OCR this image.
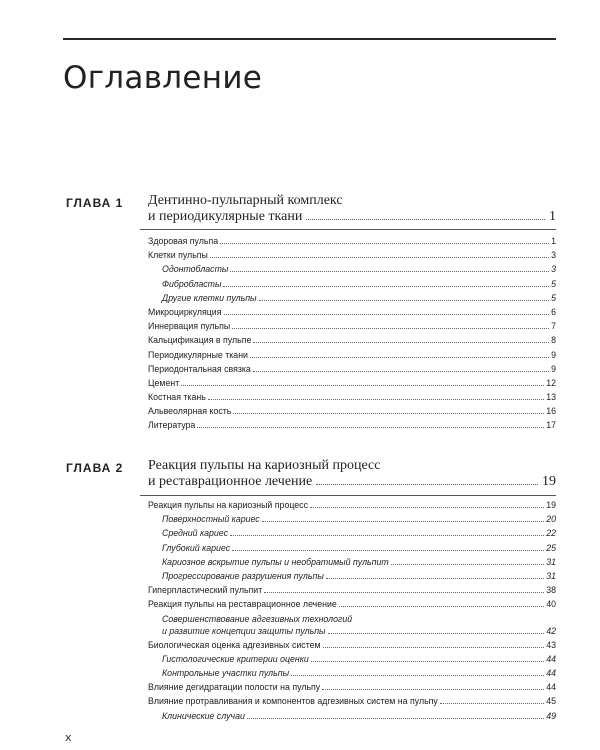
Оглавление
ГЛАВА 1 Дентинно-пульпарный комплекс
и периодикулярные ткани	1
Здоровая пульпа	1
Клетки пульпы	3
Одонтобласты	3
Фибробласты	5
Другие клетки пульпы	5
Микроциркуляция	6
Иннервация пульпы	7
Кальцификация в пульпе	8
Периодикулярные ткани	9
Периодонтальная связка	9
Цемент	12
Костная ткань	13
Альвеолярная кость	16
Литература	17
ГЛАВА 2 Реакция пульпы на кариозный процесс
и реставрационное лечение	19
Реакция пульпы на кариозный процесс	19
Поверхностный кариес	20
Средний кариес	22
Глубокий кариес	25
Кариозное вскрытие пульпы и необратимый пульпит	31
Прогрессирование разрушения пульпы	31
Гиперпластический пульпит	38
Реакция пульпы на реставрационное лечение	40
Совершенствование адгезивных технологий
и развитие концепции защиты пульпы	42
Биологическая оценка адгезивных систем	43
Гистологические критерии оценки	44
Контрольные участки пульпы	44
Влияние дегидратации полости на пульпу	44
Влияние протравливания и компонентов адгезивных систем на пульпу	45
Клинические случаи	49
x
